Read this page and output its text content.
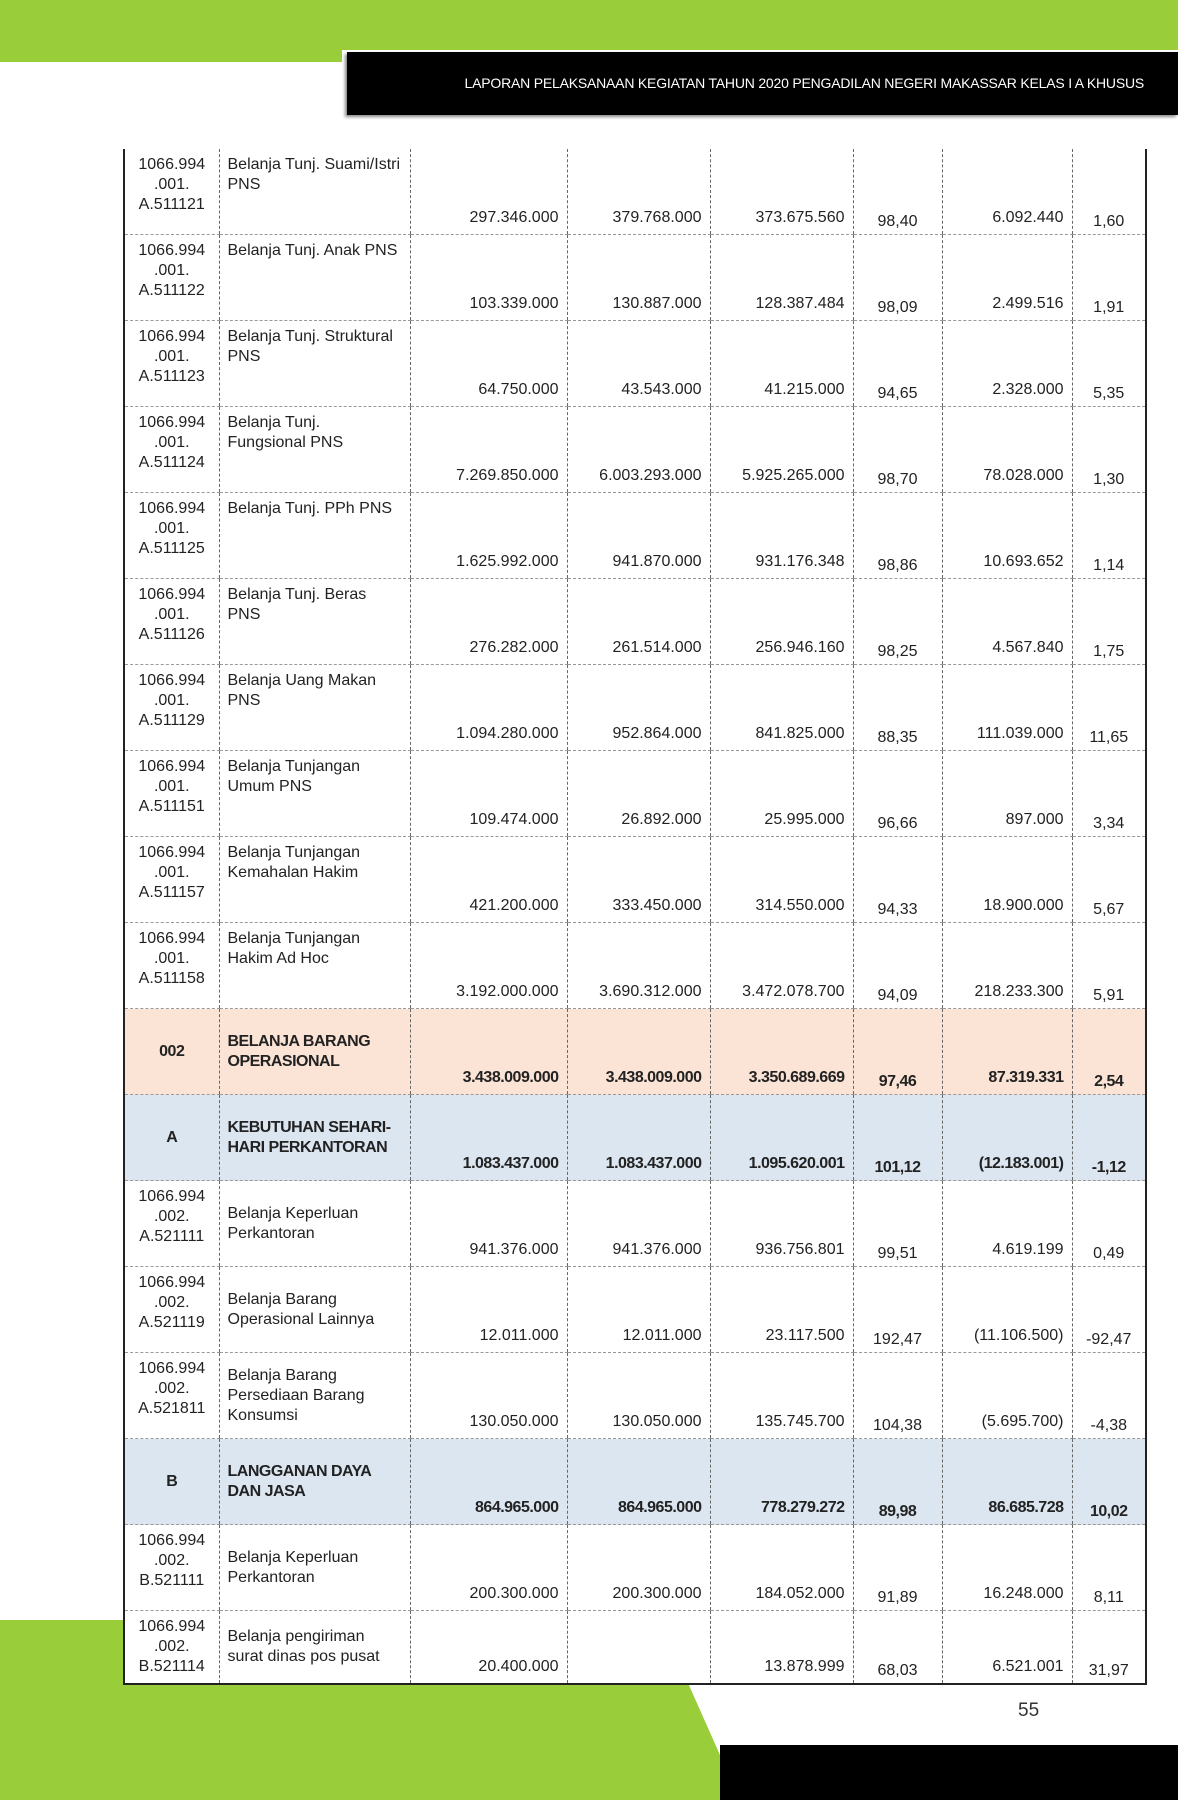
LAPORAN PELAKSANAAN KEGIATAN TAHUN 2020 PENGADILAN NEGERI MAKASSAR KELAS I A KHUSUS
1066.994 .001. A.511121	Belanja Tunj. Suami/Istri PNS	297.346.000	379.768.000	373.675.560	98,40	6.092.440	1,60
1066.994 .001. A.511122	Belanja Tunj. Anak PNS	103.339.000	130.887.000	128.387.484	98,09	2.499.516	1,91
1066.994 .001. A.511123	Belanja Tunj. Struktural PNS	64.750.000	43.543.000	41.215.000	94,65	2.328.000	5,35
1066.994 .001. A.511124	Belanja Tunj. Fungsional PNS	7.269.850.000	6.003.293.000	5.925.265.000	98,70	78.028.000	1,30
1066.994 .001. A.511125	Belanja Tunj. PPh PNS	1.625.992.000	941.870.000	931.176.348	98,86	10.693.652	1,14
1066.994 .001. A.511126	Belanja Tunj. Beras PNS	276.282.000	261.514.000	256.946.160	98,25	4.567.840	1,75
1066.994 .001. A.511129	Belanja Uang Makan PNS	1.094.280.000	952.864.000	841.825.000	88,35	111.039.000	11,65
1066.994 .001. A.511151	Belanja Tunjangan Umum PNS	109.474.000	26.892.000	25.995.000	96,66	897.000	3,34
1066.994 .001. A.511157	Belanja Tunjangan Kemahalan Hakim	421.200.000	333.450.000	314.550.000	94,33	18.900.000	5,67
1066.994 .001. A.511158	Belanja Tunjangan Hakim Ad Hoc	3.192.000.000	3.690.312.000	3.472.078.700	94,09	218.233.300	5,91
002	BELANJA BARANG OPERASIONAL	3.438.009.000	3.438.009.000	3.350.689.669	97,46	87.319.331	2,54
A	KEBUTUHAN SEHARI-HARI PERKANTORAN	1.083.437.000	1.083.437.000	1.095.620.001	101,12	(12.183.001)	-1,12
1066.994 .002. A.521111	Belanja Keperluan Perkantoran	941.376.000	941.376.000	936.756.801	99,51	4.619.199	0,49
1066.994 .002. A.521119	Belanja Barang Operasional Lainnya	12.011.000	12.011.000	23.117.500	192,47	(11.106.500)	-92,47
1066.994 .002. A.521811	Belanja Barang Persediaan Barang Konsumsi	130.050.000	130.050.000	135.745.700	104,38	(5.695.700)	-4,38
B	LANGGANAN DAYA DAN JASA	864.965.000	864.965.000	778.279.272	89,98	86.685.728	10,02
1066.994 .002. B.521111	Belanja Keperluan Perkantoran	200.300.000	200.300.000	184.052.000	91,89	16.248.000	8,11
1066.994 .002. B.521114	Belanja pengiriman surat dinas pos pusat	20.400.000		13.878.999	68,03	6.521.001	31,97
55
